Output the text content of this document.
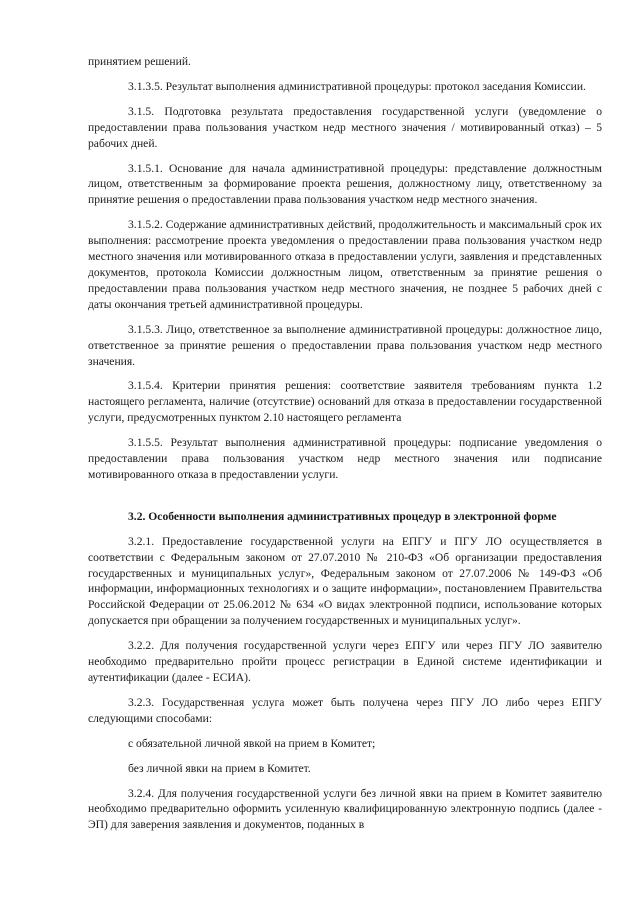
принятием решений.

3.1.3.5. Результат выполнения административной процедуры: протокол заседания Комиссии.

3.1.5. Подготовка результата предоставления государственной услуги (уведомление о предоставлении права пользования участком недр местного значения / мотивированный отказ) – 5 рабочих дней.

3.1.5.1. Основание для начала административной процедуры: представление должностным лицом, ответственным за формирование проекта решения, должностному лицу, ответственному за принятие решения о предоставлении права пользования участком недр местного значения.

3.1.5.2. Содержание административных действий, продолжительность и максимальный срок их выполнения: рассмотрение проекта уведомления о предоставлении права пользования участком недр местного значения или мотивированного отказа в предоставлении услуги, заявления и представленных документов, протокола Комиссии должностным лицом, ответственным за принятие решения о предоставлении права пользования участком недр местного значения, не позднее 5 рабочих дней с даты окончания третьей административной процедуры.

3.1.5.3. Лицо, ответственное за выполнение административной процедуры: должностное лицо, ответственное за принятие решения о предоставлении права пользования участком недр местного значения.

3.1.5.4. Критерии принятия решения: соответствие заявителя требованиям пункта 1.2 настоящего регламента, наличие (отсутствие) оснований для отказа в предоставлении государственной услуги, предусмотренных пунктом 2.10 настоящего регламента

3.1.5.5. Результат выполнения административной процедуры: подписание уведомления о предоставлении права пользования участком недр местного значения или подписание мотивированного отказа в предоставлении услуги.

3.2. Особенности выполнения административных процедур в электронной форме

3.2.1. Предоставление государственной услуги на ЕПГУ и ПГУ ЛО осуществляется в соответствии с Федеральным законом от 27.07.2010 № 210-ФЗ «Об организации предоставления государственных и муниципальных услуг», Федеральным законом от 27.07.2006 № 149-ФЗ «Об информации, информационных технологиях и о защите информации», постановлением Правительства Российской Федерации от 25.06.2012 № 634 «О видах электронной подписи, использование которых допускается при обращении за получением государственных и муниципальных услуг».

3.2.2. Для получения государственной услуги через ЕПГУ или через ПГУ ЛО заявителю необходимо предварительно пройти процесс регистрации в Единой системе идентификации и аутентификации (далее - ЕСИА).

3.2.3. Государственная услуга может быть получена через ПГУ ЛО либо через ЕПГУ следующими способами:

с обязательной личной явкой на прием в Комитет;

без личной явки на прием в Комитет.

3.2.4. Для получения государственной услуги без личной явки на прием в Комитет заявителю необходимо предварительно оформить усиленную квалифицированную электронную подпись (далее - ЭП) для заверения заявления и документов, поданных в
